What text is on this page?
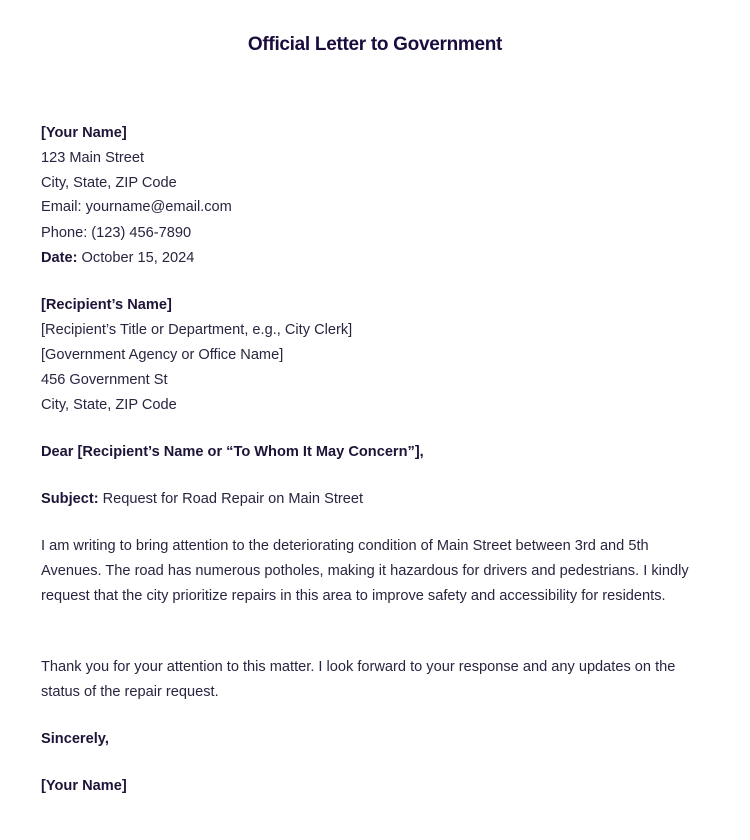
Official Letter to Government
[Your Name]
123 Main Street
City, State, ZIP Code
Email: yourname@email.com
Phone: (123) 456-7890
Date: October 15, 2024
[Recipient’s Name]
[Recipient’s Title or Department, e.g., City Clerk]
[Government Agency or Office Name]
456 Government St
City, State, ZIP Code
Dear [Recipient’s Name or “To Whom It May Concern”],
Subject: Request for Road Repair on Main Street

I am writing to bring attention to the deteriorating condition of Main Street between 3rd and 5th Avenues. The road has numerous potholes, making it hazardous for drivers and pedestrians. I kindly request that the city prioritize repairs in this area to improve safety and accessibility for residents.

Thank you for your attention to this matter. I look forward to your response and any updates on the status of the repair request.

Sincerely,
[Your Name]
